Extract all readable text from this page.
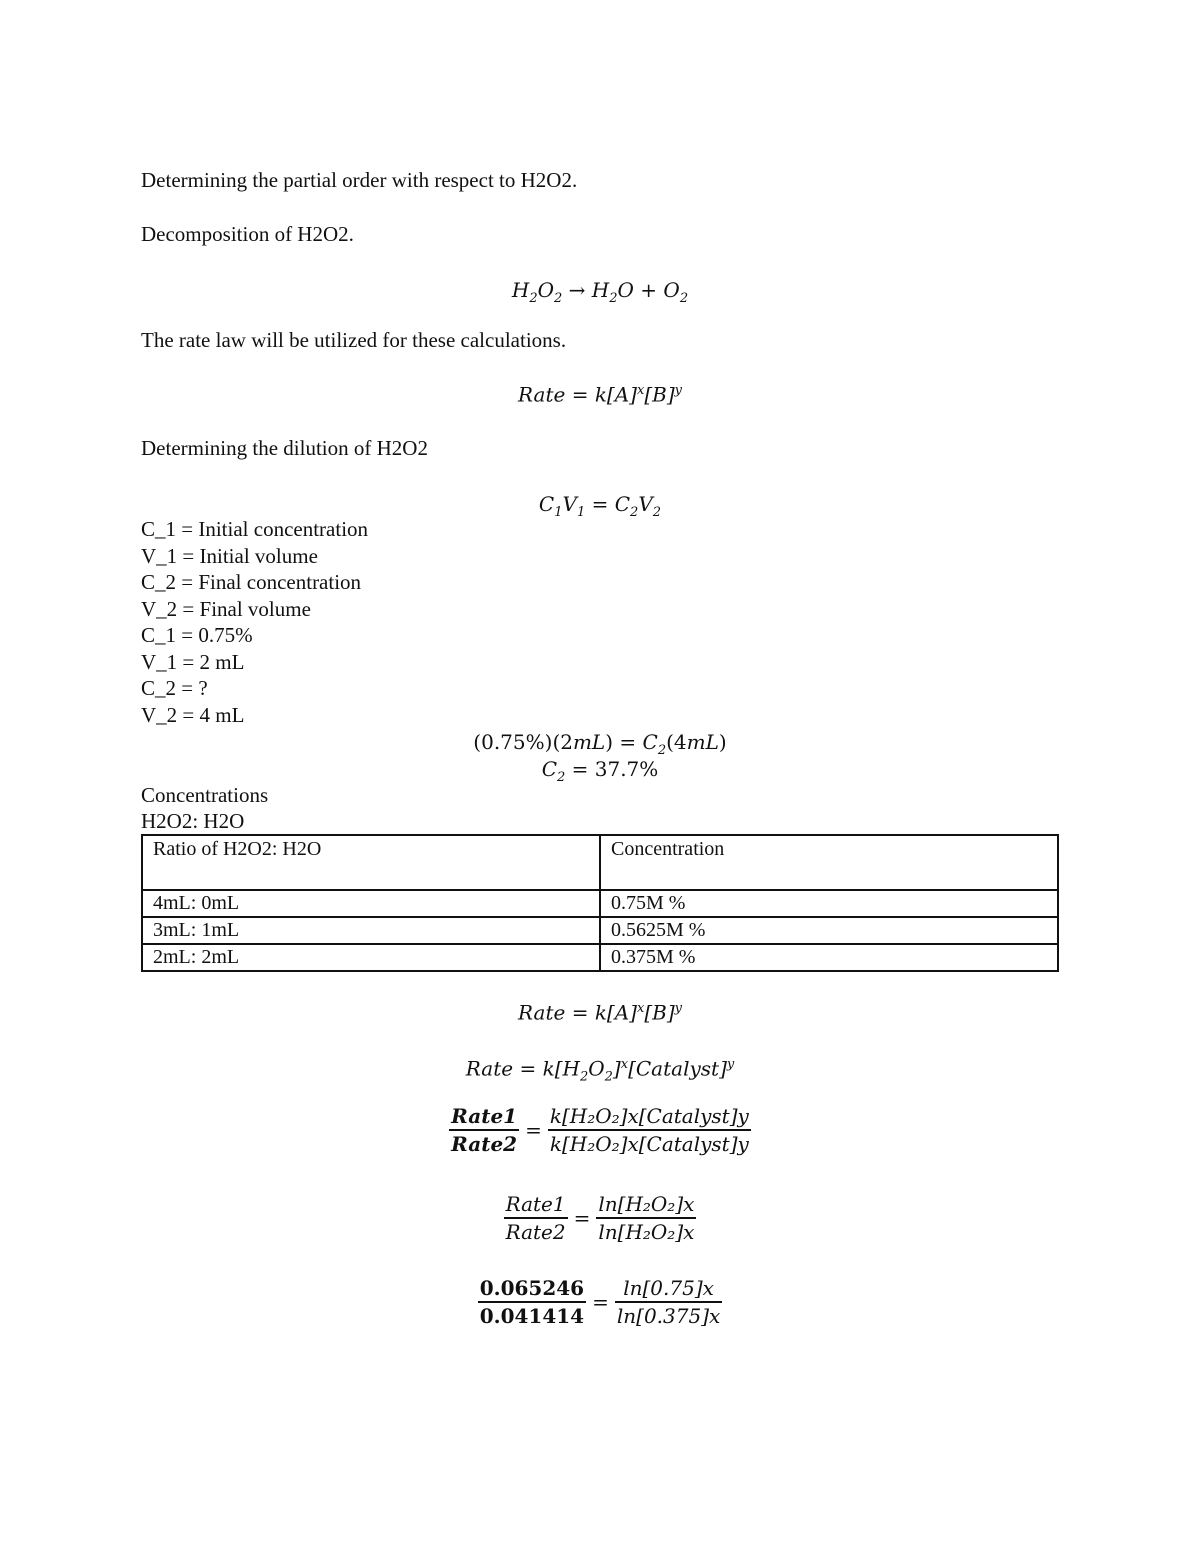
Determining the partial order with respect to H2O2.
Decomposition of H2O2.
$H_2O_2 \to H_2O + O_2$
The rate law will be utilized for these calculations.
Rate = $k[A]^x[B]^y$
Determining the dilution of H2O2
$C_1V_1 = C_2V_2$
C_1 = Initial concentration
V_1 = Initial volume
C_2 = Final concentration
V_2 = Final volume
C_1 = 0.75%
V_1 = 2 mL
C_2 = ?
V_2 = 4 mL
$(0.75\%)(2mL) = C_2(4mL)$
$C_2 = 37.7\%$
Concentrations
H2O2: H2O
Ratio of H2O2: H2O	Concentration
4mL: 0mL	0.75M %
3mL: 1mL	0.5625M %
2mL: 2mL	0.375M %
Rate = $k[A]^x[B]^y$
Rate = $k[H_2O_2]^x[Catalyst]^y$
$\frac{\text{Rate1}}{\text{Rate2}} = \frac{\text{k[H₂O₂]x[Catalyst]y}}{\text{k[H₂O₂]x[Catalyst]y}}$
$\frac{\text{Rate1}}{\text{Rate2}} = \frac{\text{ln[H₂O₂]x}}{\text{ln[H₂O₂]x}}$
$\frac{0.065246}{0.041414} = \frac{\ln[0.75]x}{\ln[0.375]x}$
